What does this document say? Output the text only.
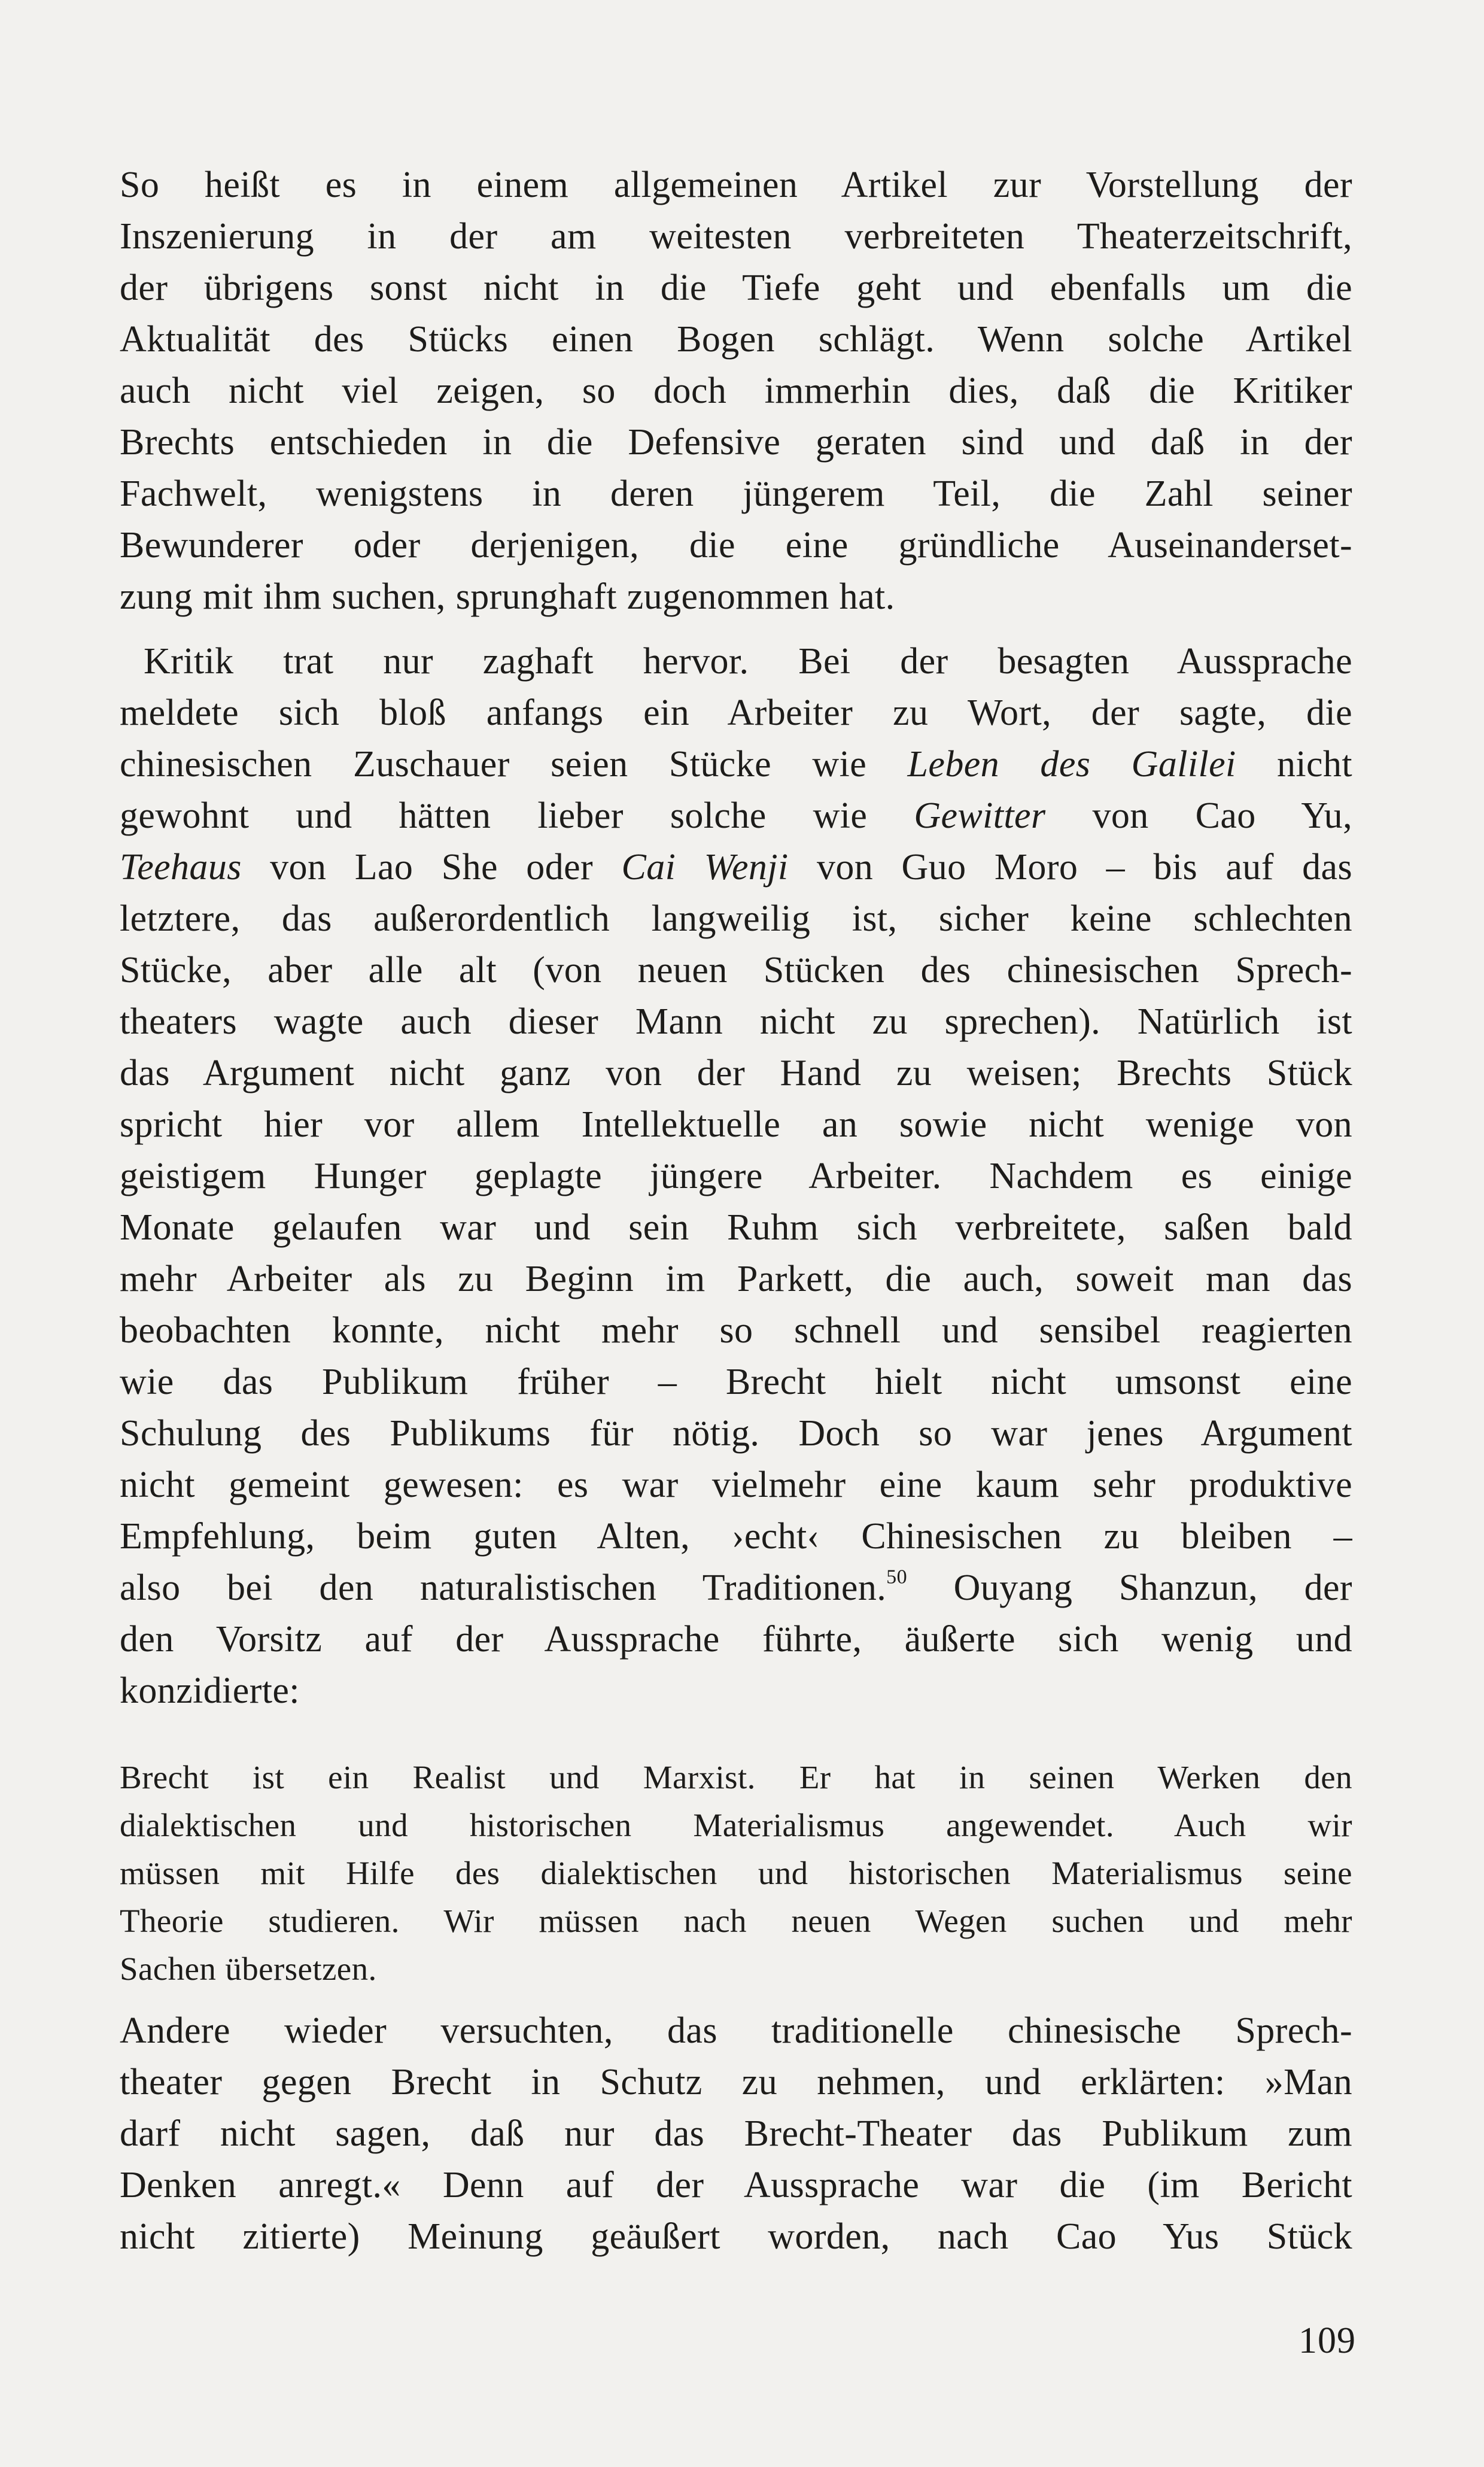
So heißt es in einem allgemeinen Artikel zur Vorstellung der
Inszenierung in der am weitesten verbreiteten Theaterzeitschrift,
der übrigens sonst nicht in die Tiefe geht und ebenfalls um die
Aktualität des Stücks einen Bogen schlägt. Wenn solche Artikel
auch nicht viel zeigen, so doch immerhin dies, daß die Kritiker
Brechts entschieden in die Defensive geraten sind und daß in der
Fachwelt, wenigstens in deren jüngerem Teil, die Zahl seiner
Bewunderer oder derjenigen, die eine gründliche Auseinanderset-
zung mit ihm suchen, sprunghaft zugenommen hat.
Kritik trat nur zaghaft hervor. Bei der besagten Aussprache
meldete sich bloß anfangs ein Arbeiter zu Wort, der sagte, die
chinesischen Zuschauer seien Stücke wie Leben des Galilei nicht
gewohnt und hätten lieber solche wie Gewitter von Cao Yu,
Teehaus von Lao She oder Cai Wenji von Guo Moro – bis auf das
letztere, das außerordentlich langweilig ist, sicher keine schlechten
Stücke, aber alle alt (von neuen Stücken des chinesischen Sprech-
theaters wagte auch dieser Mann nicht zu sprechen). Natürlich ist
das Argument nicht ganz von der Hand zu weisen; Brechts Stück
spricht hier vor allem Intellektuelle an sowie nicht wenige von
geistigem Hunger geplagte jüngere Arbeiter. Nachdem es einige
Monate gelaufen war und sein Ruhm sich verbreitete, saßen bald
mehr Arbeiter als zu Beginn im Parkett, die auch, soweit man das
beobachten konnte, nicht mehr so schnell und sensibel reagierten
wie das Publikum früher – Brecht hielt nicht umsonst eine
Schulung des Publikums für nötig. Doch so war jenes Argument
nicht gemeint gewesen: es war vielmehr eine kaum sehr produktive
Empfehlung, beim guten Alten, ›echt‹ Chinesischen zu bleiben –
also bei den naturalistischen Traditionen.$^{50}$ Ouyang Shanzun, der
den Vorsitz auf der Aussprache führte, äußerte sich wenig und
konzidierte:
Brecht ist ein Realist und Marxist. Er hat in seinen Werken den
dialektischen und historischen Materialismus angewendet. Auch wir
müssen mit Hilfe des dialektischen und historischen Materialismus seine
Theorie studieren. Wir müssen nach neuen Wegen suchen und mehr
Sachen übersetzen.
Andere wieder versuchten, das traditionelle chinesische Sprech-
theater gegen Brecht in Schutz zu nehmen, und erklärten: »Man
darf nicht sagen, daß nur das Brecht-Theater das Publikum zum
Denken anregt.« Denn auf der Aussprache war die (im Bericht
nicht zitierte) Meinung geäußert worden, nach Cao Yus Stück
109
